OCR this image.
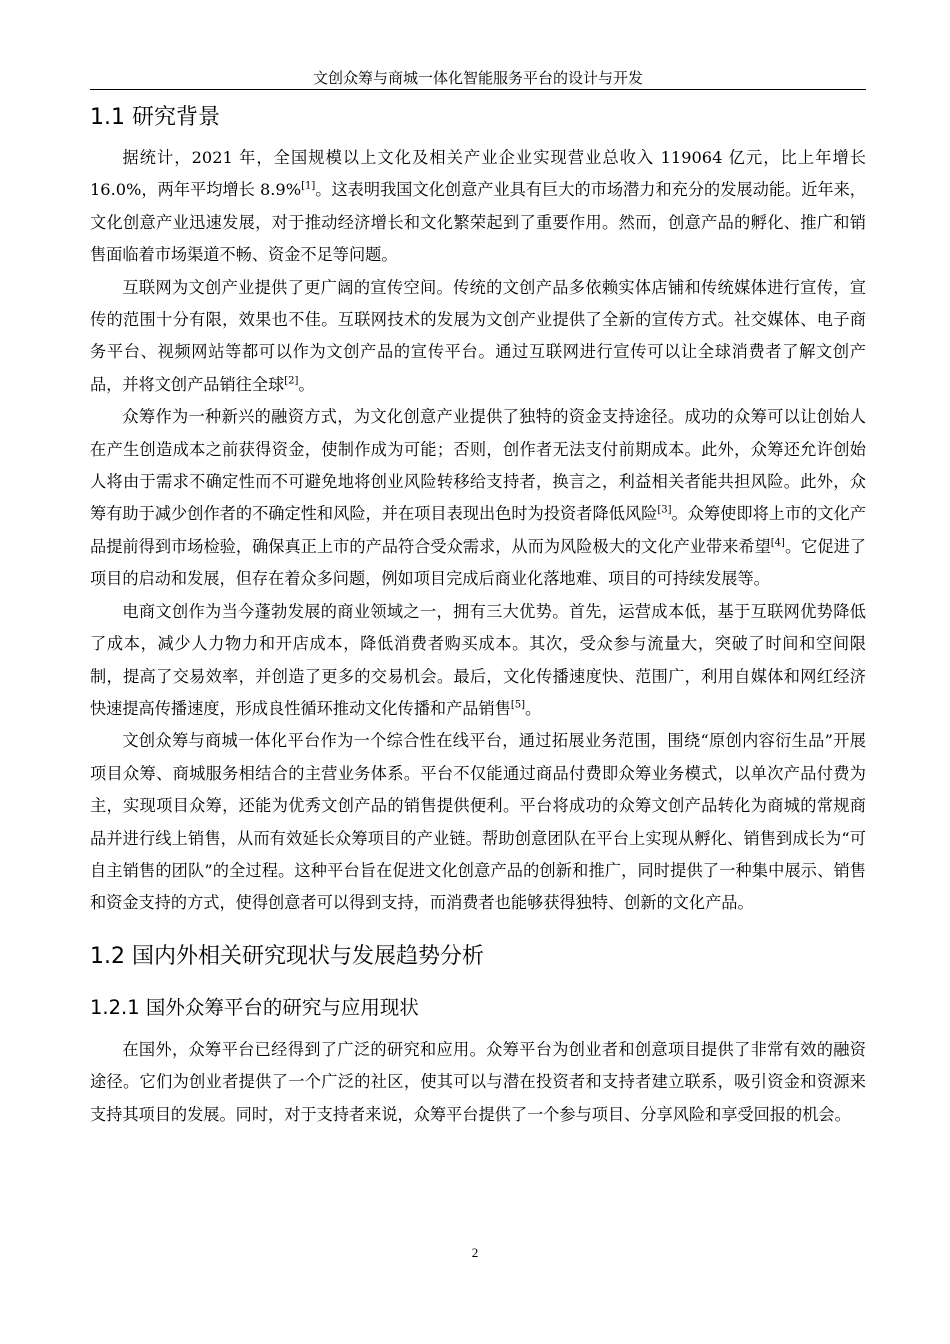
文创众筹与商城一体化智能服务平台的设计与开发
1.1 研究背景

据统计，2021 年，全国规模以上文化及相关产业企业实现营业总收入 119064 亿元，比上年增长 16.0%，两年平均增长 8.9%[1]。这表明我国文化创意产业具有巨大的市场潜力和充分的发展动能。近年来，文化创意产业迅速发展，对于推动经济增长和文化繁荣起到了重要作用。然而，创意产品的孵化、推广和销售面临着市场渠道不畅、资金不足等问题。

互联网为文创产业提供了更广阔的宣传空间。传统的文创产品多依赖实体店铺和传统媒体进行宣传，宣传的范围十分有限，效果也不佳。互联网技术的发展为文创产业提供了全新的宣传方式。社交媒体、电子商务平台、视频网站等都可以作为文创产品的宣传平台。通过互联网进行宣传可以让全球消费者了解文创产品，并将文创产品销往全球[2]。

众筹作为一种新兴的融资方式，为文化创意产业提供了独特的资金支持途径。成功的众筹可以让创始人在产生创造成本之前获得资金，使制作成为可能；否则，创作者无法支付前期成本。此外，众筹还允许创始人将由于需求不确定性而不可避免地将创业风险转移给支持者，换言之，利益相关者能共担风险。此外，众筹有助于减少创作者的不确定性和风险，并在项目表现出色时为投资者降低风险[3]。众筹使即将上市的文化产品提前得到市场检验，确保真正上市的产品符合受众需求，从而为风险极大的文化产业带来希望[4]。它促进了项目的启动和发展，但存在着众多问题，例如项目完成后商业化落地难、项目的可持续发展等。

电商文创作为当今蓬勃发展的商业领域之一，拥有三大优势。首先，运营成本低，基于互联网优势降低了成本，减少人力物力和开店成本，降低消费者购买成本。其次，受众参与流量大，突破了时间和空间限制，提高了交易效率，并创造了更多的交易机会。最后，文化传播速度快、范围广，利用自媒体和网红经济快速提高传播速度，形成良性循环推动文化传播和产品销售[5]。

文创众筹与商城一体化平台作为一个综合性在线平台，通过拓展业务范围，围绕“原创内容衍生品”开展项目众筹、商城服务相结合的主营业务体系。平台不仅能通过商品付费即众筹业务模式，以单次产品付费为主，实现项目众筹，还能为优秀文创产品的销售提供便利。平台将成功的众筹文创产品转化为商城的常规商品并进行线上销售，从而有效延长众筹项目的产业链。帮助创意团队在平台上实现从孵化、销售到成长为“可自主销售的团队”的全过程。这种平台旨在促进文化创意产品的创新和推广，同时提供了一种集中展示、销售和资金支持的方式，使得创意者可以得到支持，而消费者也能够获得独特、创新的文化产品。

1.2 国内外相关研究现状与发展趋势分析
1.2.1 国外众筹平台的研究与应用现状

在国外，众筹平台已经得到了广泛的研究和应用。众筹平台为创业者和创意项目提供了非常有效的融资途径。它们为创业者提供了一个广泛的社区，使其可以与潜在投资者和支持者建立联系，吸引资金和资源来支持其项目的发展。同时，对于支持者来说，众筹平台提供了一个参与项目、分享风险和享受回报的机会。

2
